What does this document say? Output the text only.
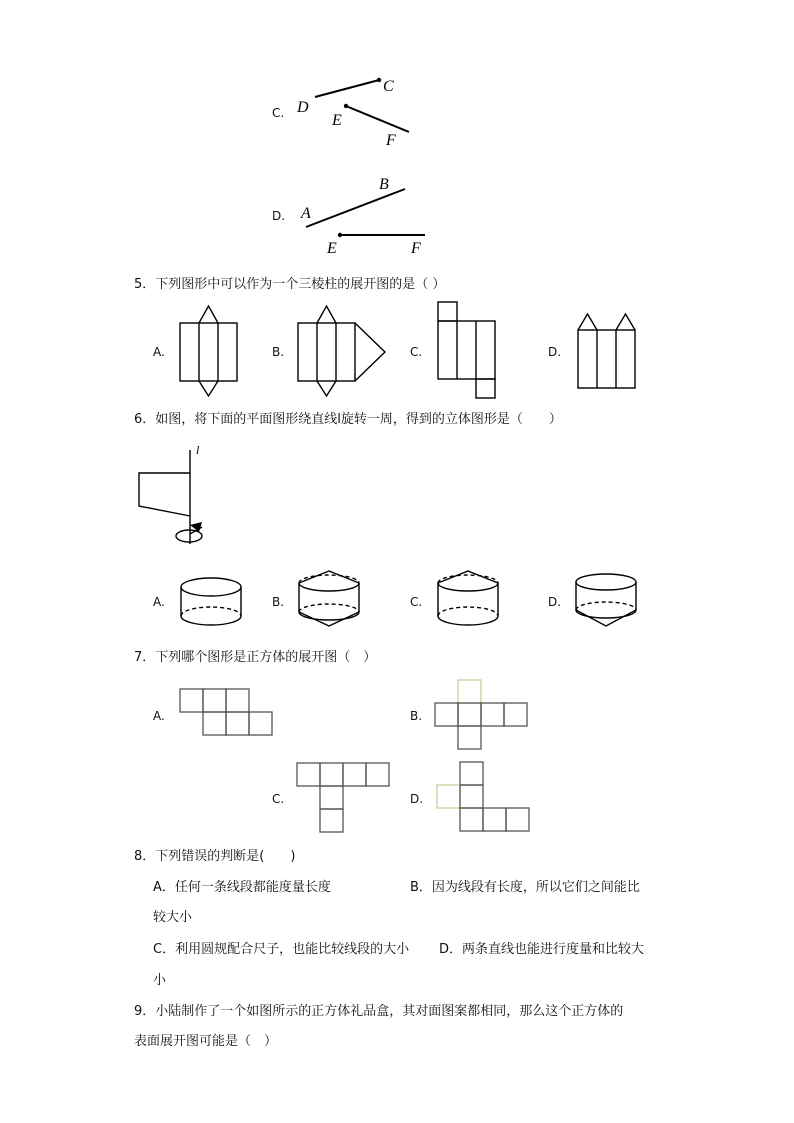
C. D
C
E
F
D. A
B
E	F
5．下列图形中可以作为一个三棱柱的展开图的是（ ）
A.	B.	C.	D.
6．如图，将下面的平面图形绕直线l旋转一周，得到的立体图形是（　　）
l
A.	B.	C.	D.
7．下列哪个图形是正方体的展开图（　）
A.	B.
C.	D.
8．下列错误的判断是(　　)
A．任何一条线段都能度量长度	B．因为线段有长度，所以它们之间能比
较大小
C．利用圆规配合尺子，也能比较线段的大小 D．两条直线也能进行度量和比较大
小
9．小陆制作了一个如图所示的正方体礼品盒，其对面图案都相同，那么这个正方体的
表面展开图可能是（　）
